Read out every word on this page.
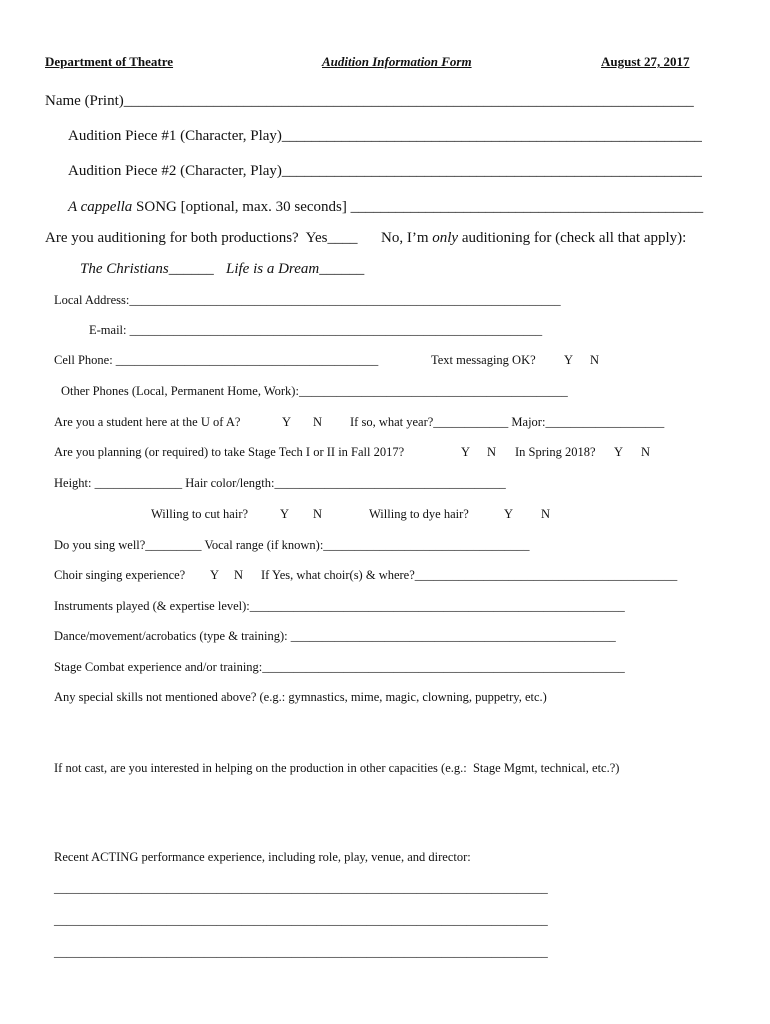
Department of Theatre	Audition Information Form	August 27, 2017
Name (Print)____________________________________________________________________________
Audition Piece #1 (Character, Play)________________________________________________________
Audition Piece #2 (Character, Play)________________________________________________________
A cappella SONG [optional, max. 30 seconds] _______________________________________________
Are you auditioning for both productions?  Yes____ No, I’m only auditioning for (check all that apply):
The Christians______ Life is a Dream______
Local Address:_____________________________________________________________________
E-mail: __________________________________________________________________
Cell Phone: __________________________________________	Text messaging OK? Y N
Other Phones (Local, Permanent Home, Work):___________________________________________
Are you a student here at the U of A?	Y N If so, what year?____________ Major:___________________
Are you planning (or required) to take Stage Tech I or II in Fall 2017?	Y N In Spring 2018? Y N
Height: ______________ Hair color/length:_____________________________________
Willing to cut hair?	Y N	Willing to dye hair?	Y N
Do you sing well?_________ Vocal range (if known):_________________________________
Choir singing experience? Y N If Yes, what choir(s) & where?__________________________________________
Instruments played (& expertise level):____________________________________________________________
Dance/movement/acrobatics (type & training): ____________________________________________________
Stage Combat experience and/or training:__________________________________________________________
Any special skills not mentioned above? (e.g.: gymnastics, mime, magic, clowning, puppetry, etc.)
If not cast, are you interested in helping on the production in other capacities (e.g.:  Stage Mgmt, technical, etc.?)
Recent ACTING performance experience, including role, play, venue, and director:
_______________________________________________________________________________
_______________________________________________________________________________
_______________________________________________________________________________
